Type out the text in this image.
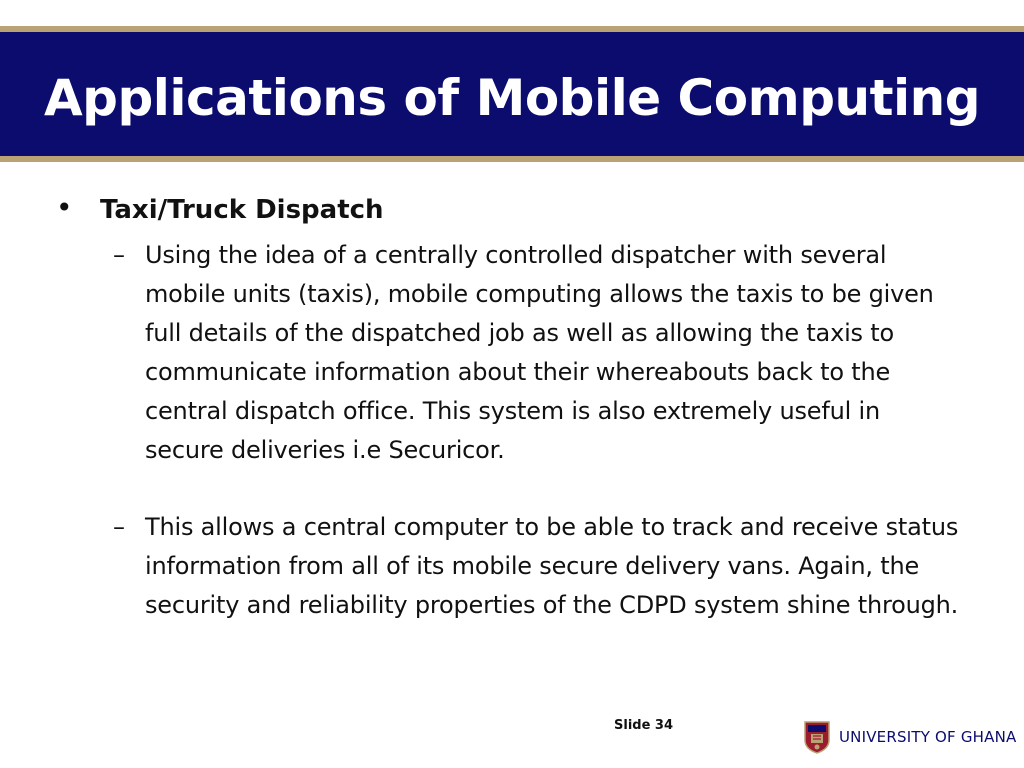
Applications of Mobile Computing
•	Taxi/Truck Dispatch
– Using the idea of a centrally controlled dispatcher with several mobile units (taxis), mobile computing allows the taxis to be given full details of the dispatched job as well as allowing the taxis to communicate information about their whereabouts back to the central dispatch office. This system is also extremely useful in secure deliveries i.e Securicor.
– This allows a central computer to be able to track and receive status information from all of its mobile secure delivery vans. Again, the security and reliability properties of the CDPD system shine through.
Slide 34
UNIVERSITY OF GHANA
